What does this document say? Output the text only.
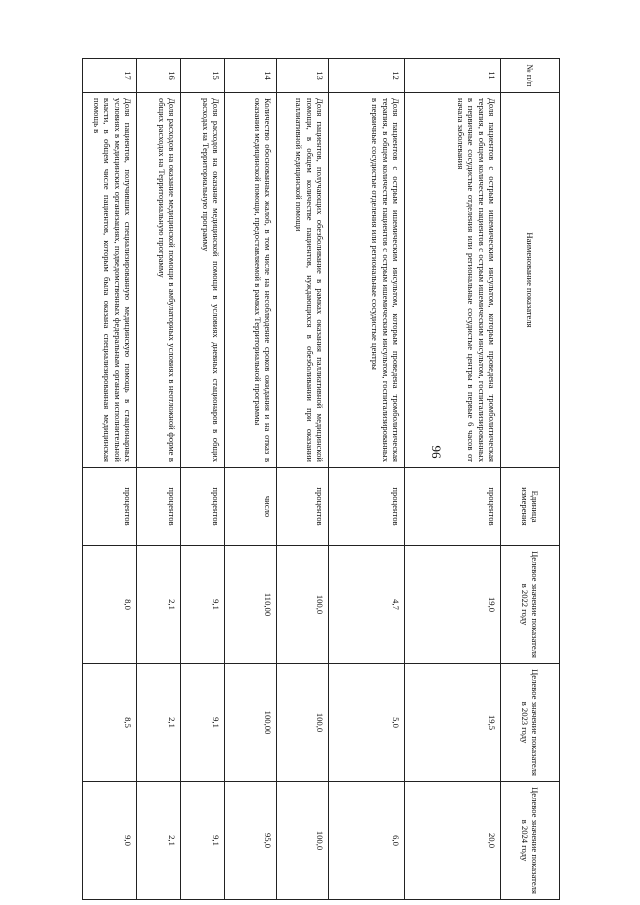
96
№ п/п	Наименование показателя	Единица измерения	Целевое значение показателя в 2022 году	Целевое значение показателя в 2023 году	Целевое значение показателя в 2024 году
11	Доля пациентов с острым ишемическим инсультом, которым проведена тромболитическая терапия, в общем количестве пациентов с острым ишемическим инсультом, госпитализированных в первичные сосудистые отделения или региональные сосудистые центры в первые 6 часов от начала заболевания	процентов	19,0	19,5	20,0
12	Доля пациентов с острым ишемическим инсультом, которым проведена тромболитическая терапия, в общем количестве пациентов с острым ишемическим инсультом, госпитализированных в первичные сосудистые отделения или региональные сосудистые центры	процентов	4,7	5,0	6,0
13	Доля пациентов, получающих обезболивание в рамках оказания паллиативной медицинской помощи, в общем количестве пациентов, нуждающихся в обезболивании при оказании паллиативной медицинской помощи	процентов	100,0	100,0	100,0
14	Количество обоснованных жалоб, в том числе на несоблюдение сроков ожидания и на отказ в оказании медицинской помощи, предоставляемой в рамках Территориальной программы	число	110,00	100,00	95,0
15	Доля расходов на оказание медицинской помощи в условиях дневных стационаров в общих расходах на Территориальную программу	процентов	9,1	9,1	9,1
16	Доля расходов на оказание медицинской помощи в амбулаторных условиях в неотложной форме в общих расходах на Территориальную программу	процентов	2,1	2,1	2,1
17	Доля пациентов, получивших специализированную медицинскую помощь в стационарных условиях в медицинских организациях, подведомственных федеральным органам исполнительной власти, в общем числе пациентов, которым была оказана специализированная медицинская помощь в	процентов	8,0	8,5	9,0
